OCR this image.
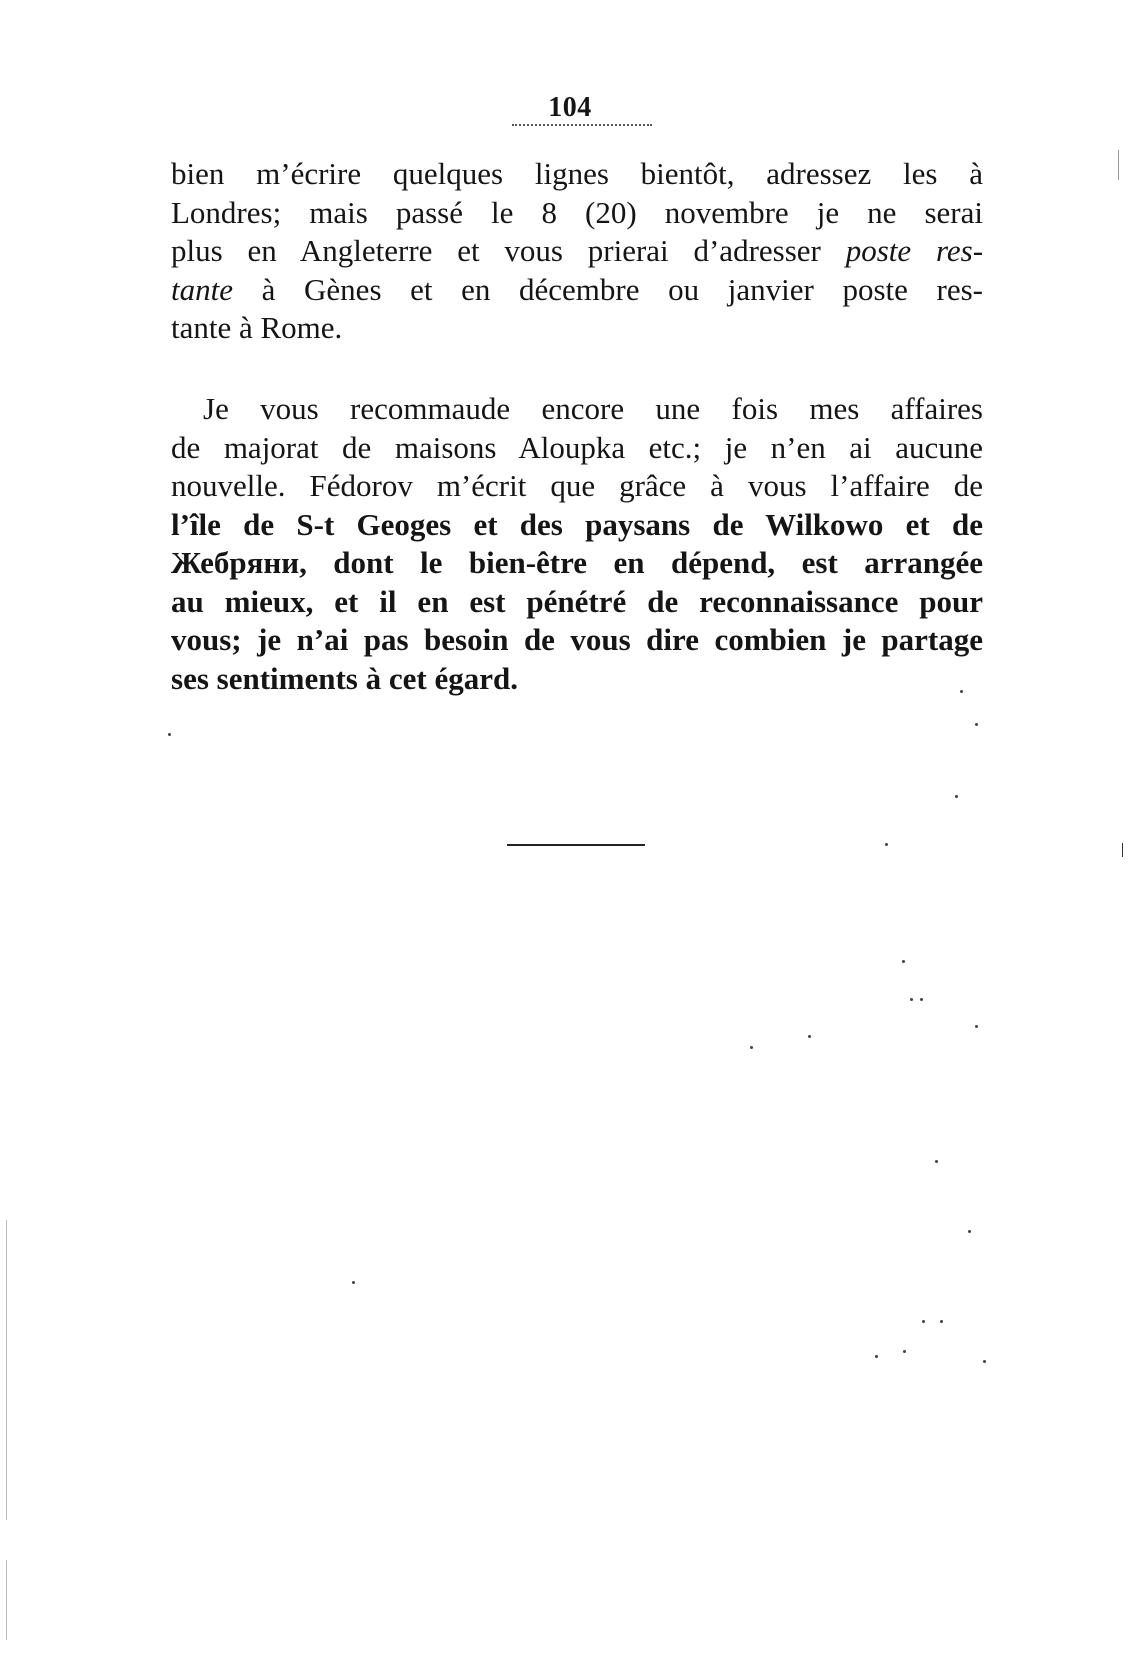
104
bien m’écrire quelques lignes bientôt, adressez les à
Londres; mais passé le 8 (20) novembre je ne serai
plus en Angleterre et vous prierai d’adresser poste res-
tante à Gènes et en décembre ou janvier poste res-
tante à Rome.
Je vous recommaude encore une fois mes affaires
de majorat de maisons Aloupka etc.; je n’en ai aucune
nouvelle. Fédorov m’écrit que grâce à vous l’affaire de
l’île de S-t Geoges et des paysans de Wilkowo et de
Жебряни, dont le bien-être en dépend, est arrangée
au mieux, et il en est pénétré de reconnaissance pour
vous; je n’ai pas besoin de vous dire combien je partage
ses sentiments à cet égard.
